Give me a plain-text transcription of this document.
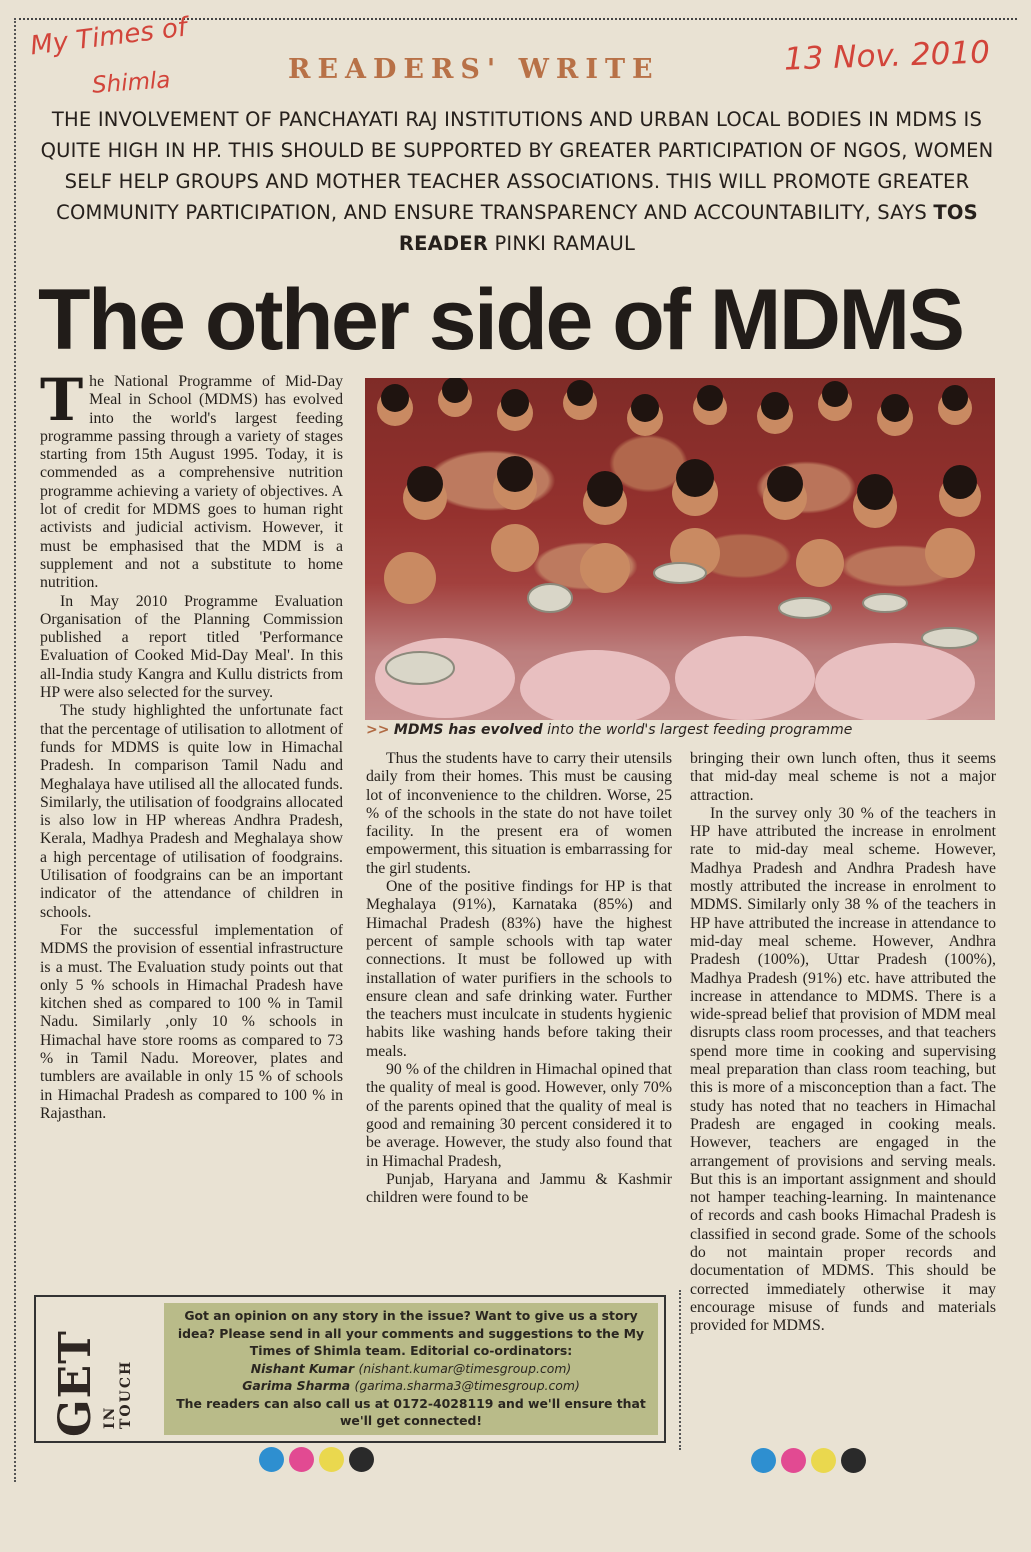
My Times of
Shimla
13 Nov. 2010
READERS' WRITE

THE INVOLVEMENT OF PANCHAYATI RAJ INSTITUTIONS AND URBAN LOCAL BODIES IN MDMS IS QUITE HIGH IN HP. THIS SHOULD BE SUPPORTED BY GREATER PARTICIPATION OF NGOS, WOMEN SELF HELP GROUPS AND MOTHER TEACHER ASSOCIATIONS. THIS WILL PROMOTE GREATER COMMUNITY PARTICIPATION, AND ENSURE TRANSPARENCY AND ACCOUNTABILITY, SAYS TOS READER PINKI RAMAUL

The other side of MDMS
>> MDMS has evolved into the world's largest feeding programme

The National Programme of Mid-Day Meal in School (MDMS) has evolved into the world's largest feeding programme passing through a variety of stages starting from 15th August 1995. Today, it is commended as a comprehensive nutrition programme achieving a variety of objectives. A lot of credit for MDMS goes to human right activists and judicial activism. However, it must be emphasised that the MDM is a supplement and not a substitute to home nutrition.

In May 2010 Programme Evaluation Organisation of the Planning Commission published a report titled 'Performance Evaluation of Cooked Mid-Day Meal'. In this all-India study Kangra and Kullu districts from HP were also selected for the survey.

The study highlighted the unfortunate fact that the percentage of utilisation to allotment of funds for MDMS is quite low in Himachal Pradesh. In comparison Tamil Nadu and Meghalaya have utilised all the allocated funds. Similarly, the utilisation of foodgrains allocated is also low in HP whereas Andhra Pradesh, Kerala, Madhya Pradesh and Meghalaya show a high percentage of utilisation of foodgrains. Utilisation of foodgrains can be an important indicator of the attendance of children in schools.

For the successful implementation of MDMS the provision of essential infrastructure is a must. The Evaluation study points out that only 5 % schools in Himachal Pradesh have kitchen shed as compared to 100 % in Tamil Nadu. Similarly ,only 10 % schools in Himachal have store rooms as compared to 73 % in Tamil Nadu. Moreover, plates and tumblers are available in only 15 % of schools in Himachal Pradesh as compared to 100 % in Rajasthan.

Thus the students have to carry their utensils daily from their homes. This must be causing lot of inconvenience to the children. Worse, 25 % of the schools in the state do not have toilet facility. In the present era of women empowerment, this situation is embarrassing for the girl students.

One of the positive findings for HP is that Meghalaya (91%), Karnataka (85%) and Himachal Pradesh (83%) have the highest percent of sample schools with tap water connections. It must be followed up with installation of water purifiers in the schools to ensure clean and safe drinking water. Further the teachers must inculcate in students hygienic habits like washing hands before taking their meals.

90 % of the children in Himachal opined that the quality of meal is good. However, only 70% of the parents opined that the quality of meal is good and remaining 30 percent considered it to be average. However, the study also found that in Himachal Pradesh,

Punjab, Haryana and Jammu & Kashmir children were found to be

bringing their own lunch often, thus it seems that mid-day meal scheme is not a major attraction.

In the survey only 30 % of the teachers in HP have attributed the increase in enrolment rate to mid-day meal scheme. However, Madhya Pradesh and Andhra Pradesh have mostly attributed the increase in enrolment to MDMS. Similarly only 38 % of the teachers in HP have attributed the increase in attendance to mid-day meal scheme. However, Andhra Pradesh (100%), Uttar Pradesh (100%), Madhya Pradesh (91%) etc. have attributed the increase in attendance to MDMS. There is a wide-spread belief that provision of MDM meal disrupts class room processes, and that teachers spend more time in cooking and supervising meal preparation than class room teaching, but this is more of a misconception than a fact. The study has noted that no teachers in Himachal Pradesh are engaged in cooking meals. However, teachers are engaged in the arrangement of provisions and serving meals. But this is an important assignment and should not hamper teaching-learning. In maintenance of records and cash books Himachal Pradesh is classified in second grade. Some of the schools do not maintain proper records and documentation of MDMS. This should be corrected immediately otherwise it may encourage misuse of funds and materials provided for MDMS.

GET IN TOUCH
Got an opinion on any story in the issue? Want to give us a story idea? Please send in all your comments and suggestions to the My Times of Shimla team. Editorial co-ordinators:
Nishant Kumar (nishant.kumar@timesgroup.com)
Garima Sharma (garima.sharma3@timesgroup.com)
The readers can also call us at 0172-4028119 and we'll ensure that we'll get connected!
